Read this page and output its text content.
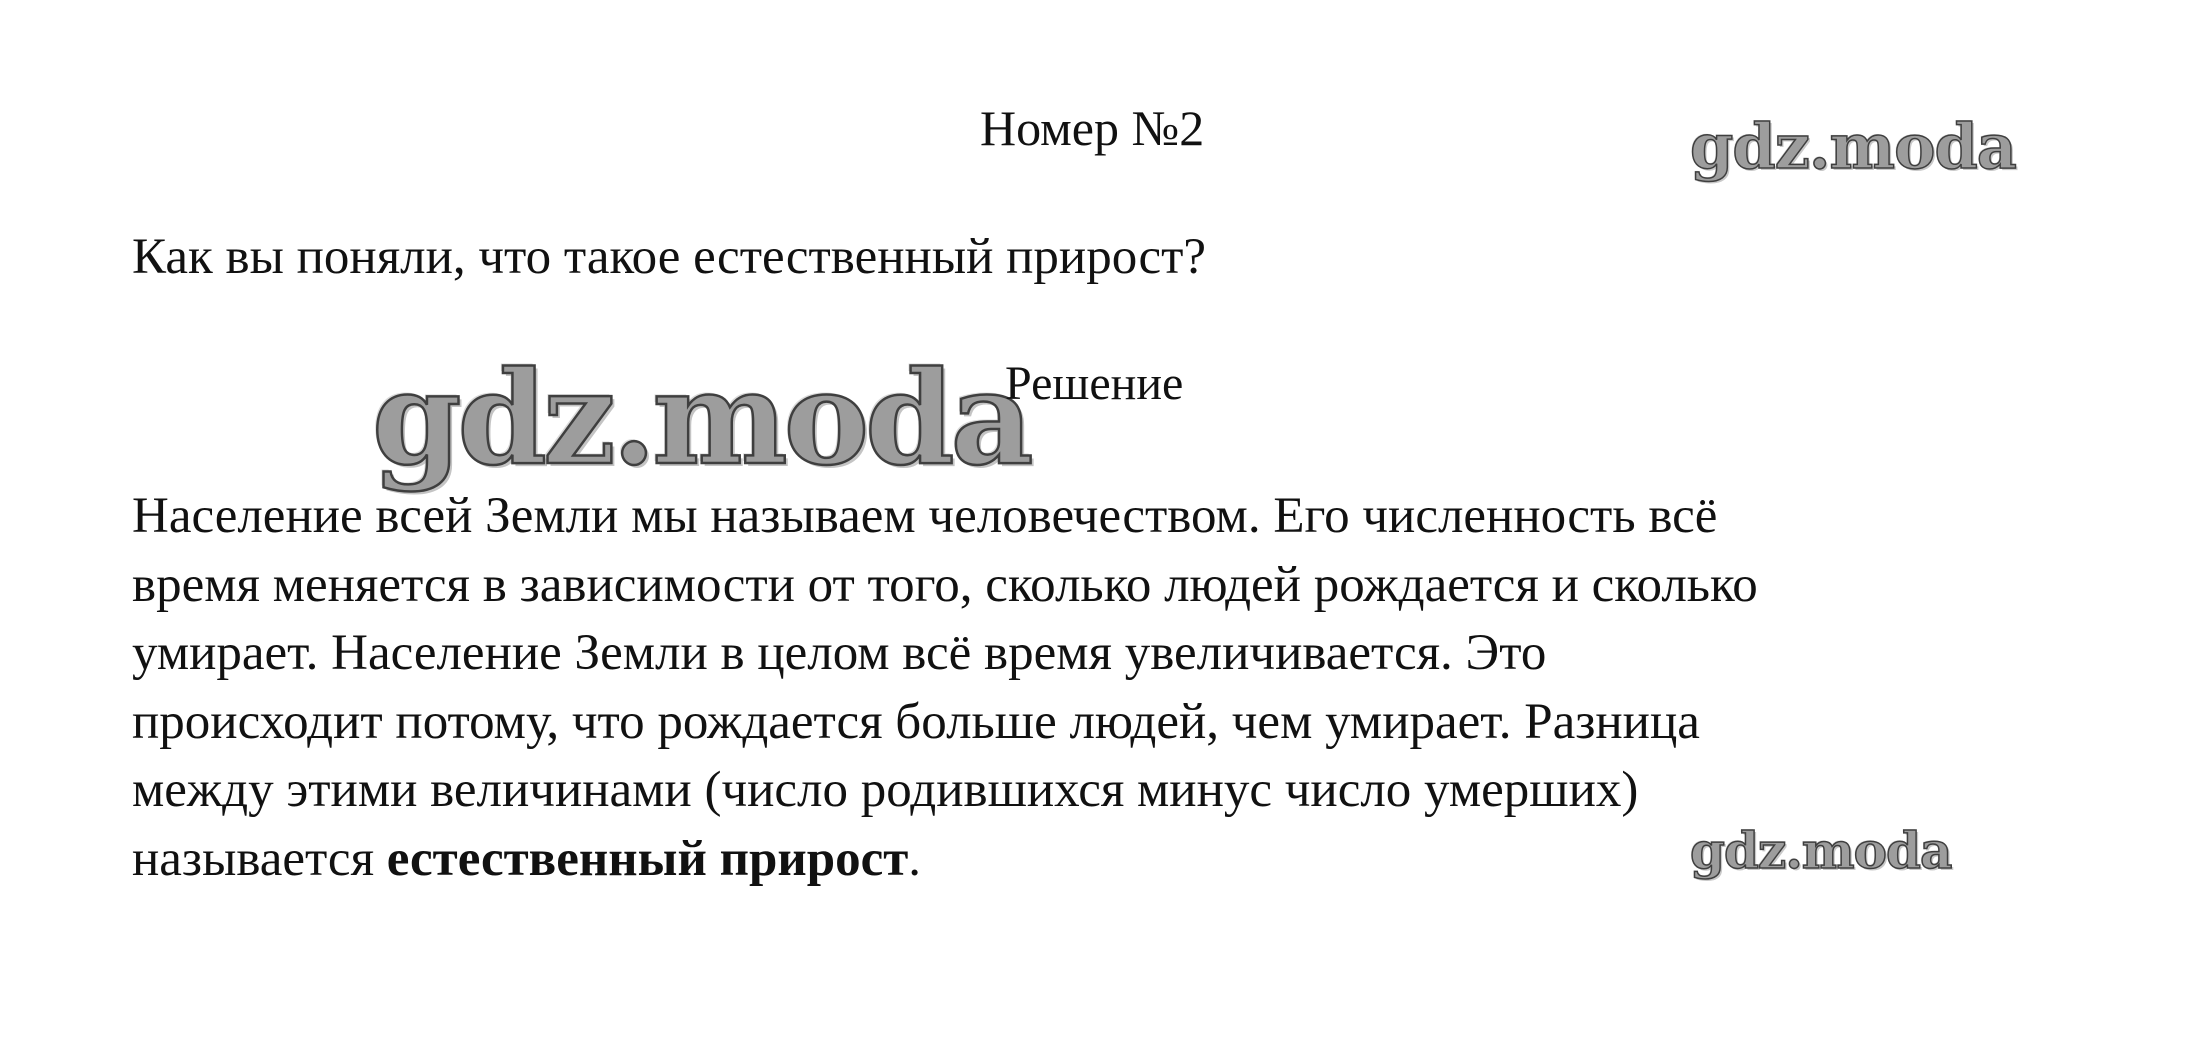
Номер №2	gdz.moda
Как вы поняли, что такое естественный прирост?
gdz.moda
Решение
Население всей Земли мы называем человечеством. Его численность всё
время меняется в зависимости от того, сколько людей рождается и сколько
умирает. Население Земли в целом всё время увеличивается. Это
происходит потому, что рождается больше людей, чем умирает. Разница
между этими величинами (число родившихся минус число умерших)
называется естественный прирост.	gdz.moda
